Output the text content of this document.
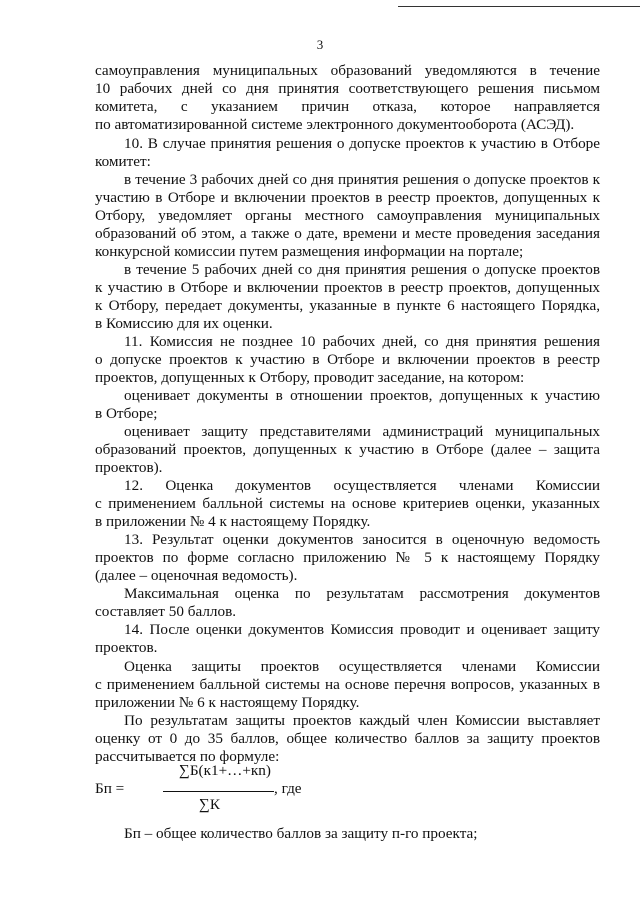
3
самоуправления муниципальных образований уведомляются в течение
10 рабочих дней со дня принятия соответствующего решения письмом
комитета, с указанием причин отказа, которое направляется
по автоматизированной системе электронного документооборота (АСЭД).
10. В случае принятия решения о допуске проектов к участию в Отборе
комитет:
в течение 3 рабочих дней со дня принятия решения о допуске проектов к
участию в Отборе и включении проектов в реестр проектов, допущенных к
Отбору, уведомляет органы местного самоуправления муниципальных
образований об этом, а также о дате, времени и месте проведения заседания
конкурсной комиссии путем размещения информации на портале;
в течение 5 рабочих дней со дня принятия решения о допуске проектов
к участию в Отборе и включении проектов в реестр проектов, допущенных
к Отбору, передает документы, указанные в пункте 6 настоящего Порядка,
в Комиссию для их оценки.
11. Комиссия не позднее 10 рабочих дней, со дня принятия решения
о допуске проектов к участию в Отборе и включении проектов в реестр
проектов, допущенных к Отбору, проводит заседание, на котором:
оценивает документы в отношении проектов, допущенных к участию
в Отборе;
оценивает защиту представителями администраций муниципальных
образований проектов, допущенных к участию в Отборе (далее – защита
проектов).
12. Оценка документов осуществляется членами Комиссии
с применением балльной системы на основе критериев оценки, указанных
в приложении № 4 к настоящему Порядку.
13. Результат оценки документов заносится в оценочную ведомость
проектов по форме согласно приложению № 5 к настоящему Порядку
(далее – оценочная ведомость).
Максимальная оценка по результатам рассмотрения документов
составляет 50 баллов.
14. После оценки документов Комиссия проводит и оценивает защиту
проектов.
Оценка защиты проектов осуществляется членами Комиссии
с применением балльной системы на основе перечня вопросов, указанных в
приложении № 6 к настоящему Порядку.
По результатам защиты проектов каждый член Комиссии выставляет
оценку от 0 до 35 баллов, общее количество баллов за защиту проектов
рассчитывается по формуле:
∑Б(к1+…+кn)
Бп =	, где
∑К
Бп – общее количество баллов за защиту п-го проекта;
